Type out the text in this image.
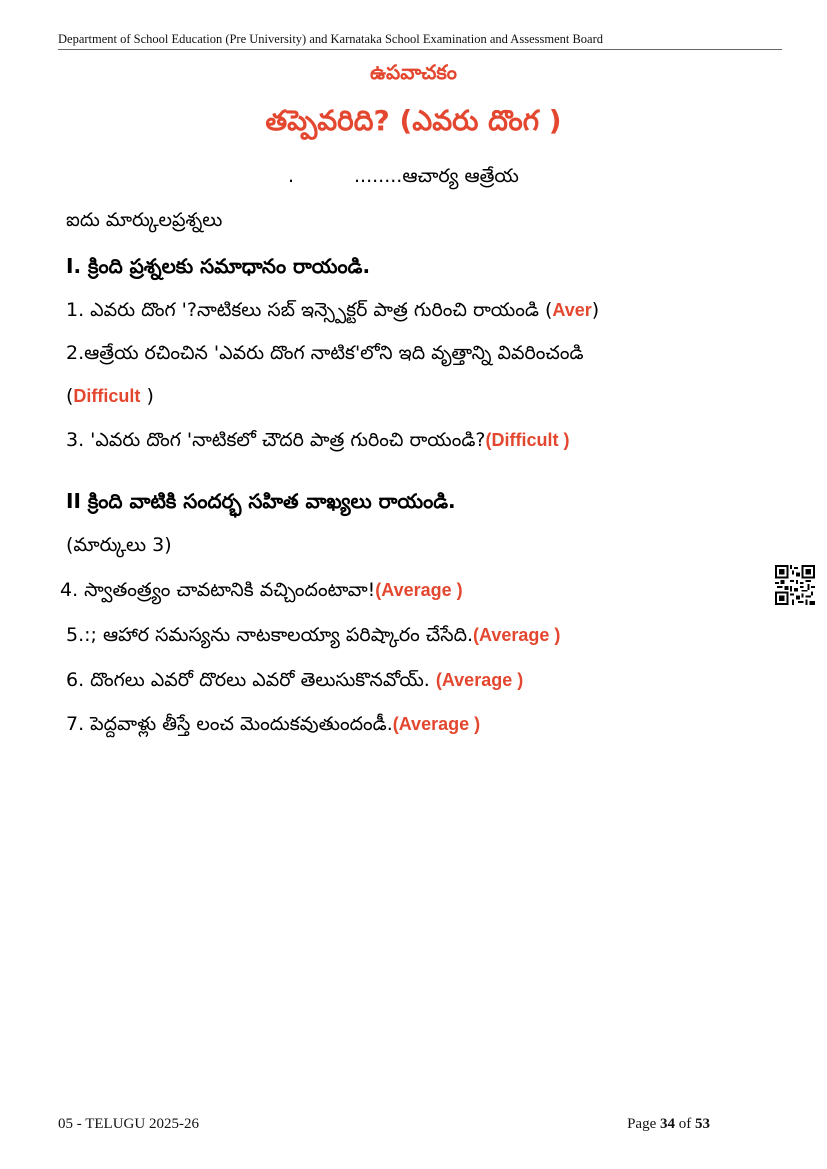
Department of School Education (Pre University) and Karnataka School Examination and Assessment Board
ఉపవాచకం
తప్పెవరిది? (ఎవరు దొంగ )
.	........ఆచార్య ఆత్రేయ
ఐదు మార్కులప్రశ్నలు
I. క్రింది ప్రశ్నలకు సమాధానం రాయండి.
1. ఎవరు దొంగ '?నాటికలు సబ్ ఇన్స్పెక్టర్ పాత్ర గురించి రాయండి (Aver)
2.ఆత్రేయ రచించిన 'ఎవరు దొంగ నాటిక'లోని ఇది వృత్తాన్ని వివరించండి
(Difficult )
3. 'ఎవరు దొంగ 'నాటికలో చౌదరి పాత్ర గురించి రాయండి?(Difficult )
II క్రింది వాటికి సందర్భ సహిత వాఖ్యలు రాయండి.
(మార్కులు 3)
4. స్వాతంత్ర్యం చావటానికి వచ్చిందంటావా!(Average )
5.:; ఆహార సమస్యను నాటకాలయ్యా పరిష్కారం చేసేది.(Average )
6. దొంగలు ఎవరో దొరలు ఎవరో తెలుసుకొనవోయ్. (Average )
7. పెద్దవాళ్లు తీస్తే లంచ మెందుకవుతుందండీ.(Average )
05 - TELUGU 2025-26	Page 34 of 53
